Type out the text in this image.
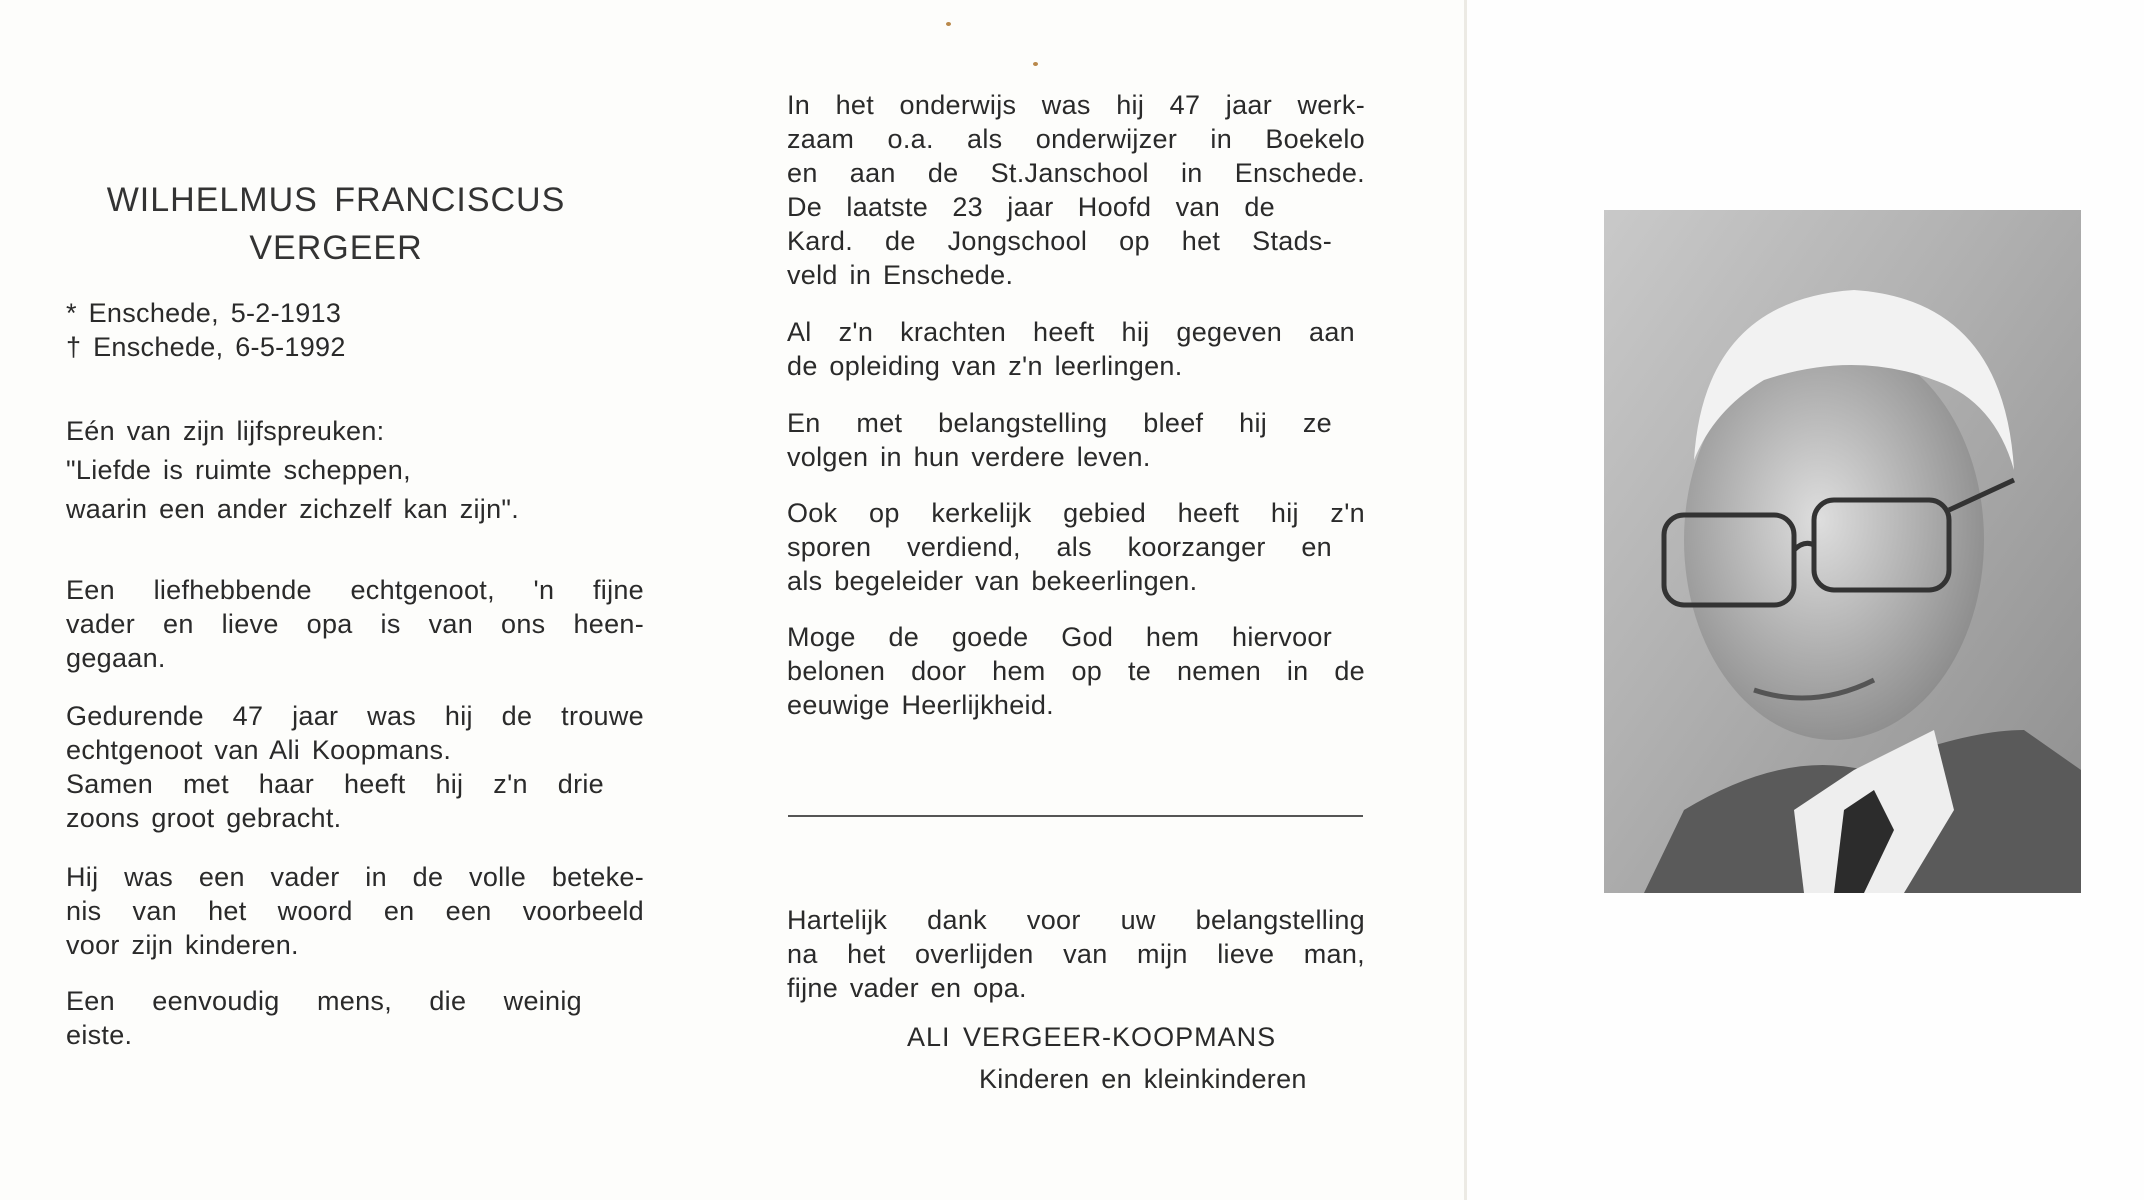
WILHELMUS FRANCISCUS
VERGEER
* Enschede, 5-2-1913
† Enschede, 6-5-1992
Eén van zijn lijfspreuken:
"Liefde is ruimte scheppen,
waarin een ander zichzelf kan zijn".
Een liefhebbende echtgenoot, 'n fijne
vader en lieve opa is van ons heen-
gegaan.
Gedurende 47 jaar was hij de trouwe
echtgenoot van Ali Koopmans.
Samen met haar heeft hij z'n drie
zoons groot gebracht.
Hij was een vader in de volle beteke-
nis van het woord en een voorbeeld
voor zijn kinderen.
Een eenvoudig mens, die weinig
eiste.
In het onderwijs was hij 47 jaar werk-
zaam o.a. als onderwijzer in Boekelo
en aan de St.Janschool in Enschede.
De laatste 23 jaar Hoofd van de
Kard. de Jongschool op het Stads-
veld in Enschede.
Al z'n krachten heeft hij gegeven aan
de opleiding van z'n leerlingen.
En met belangstelling bleef hij ze
volgen in hun verdere leven.
Ook op kerkelijk gebied heeft hij z'n
sporen verdiend, als koorzanger en
als begeleider van bekeerlingen.
Moge de goede God hem hiervoor
belonen door hem op te nemen in de
eeuwige Heerlijkheid.
Hartelijk dank voor uw belangstelling
na het overlijden van mijn lieve man,
fijne vader en opa.
ALI VERGEER-KOOPMANS
Kinderen en kleinkinderen
